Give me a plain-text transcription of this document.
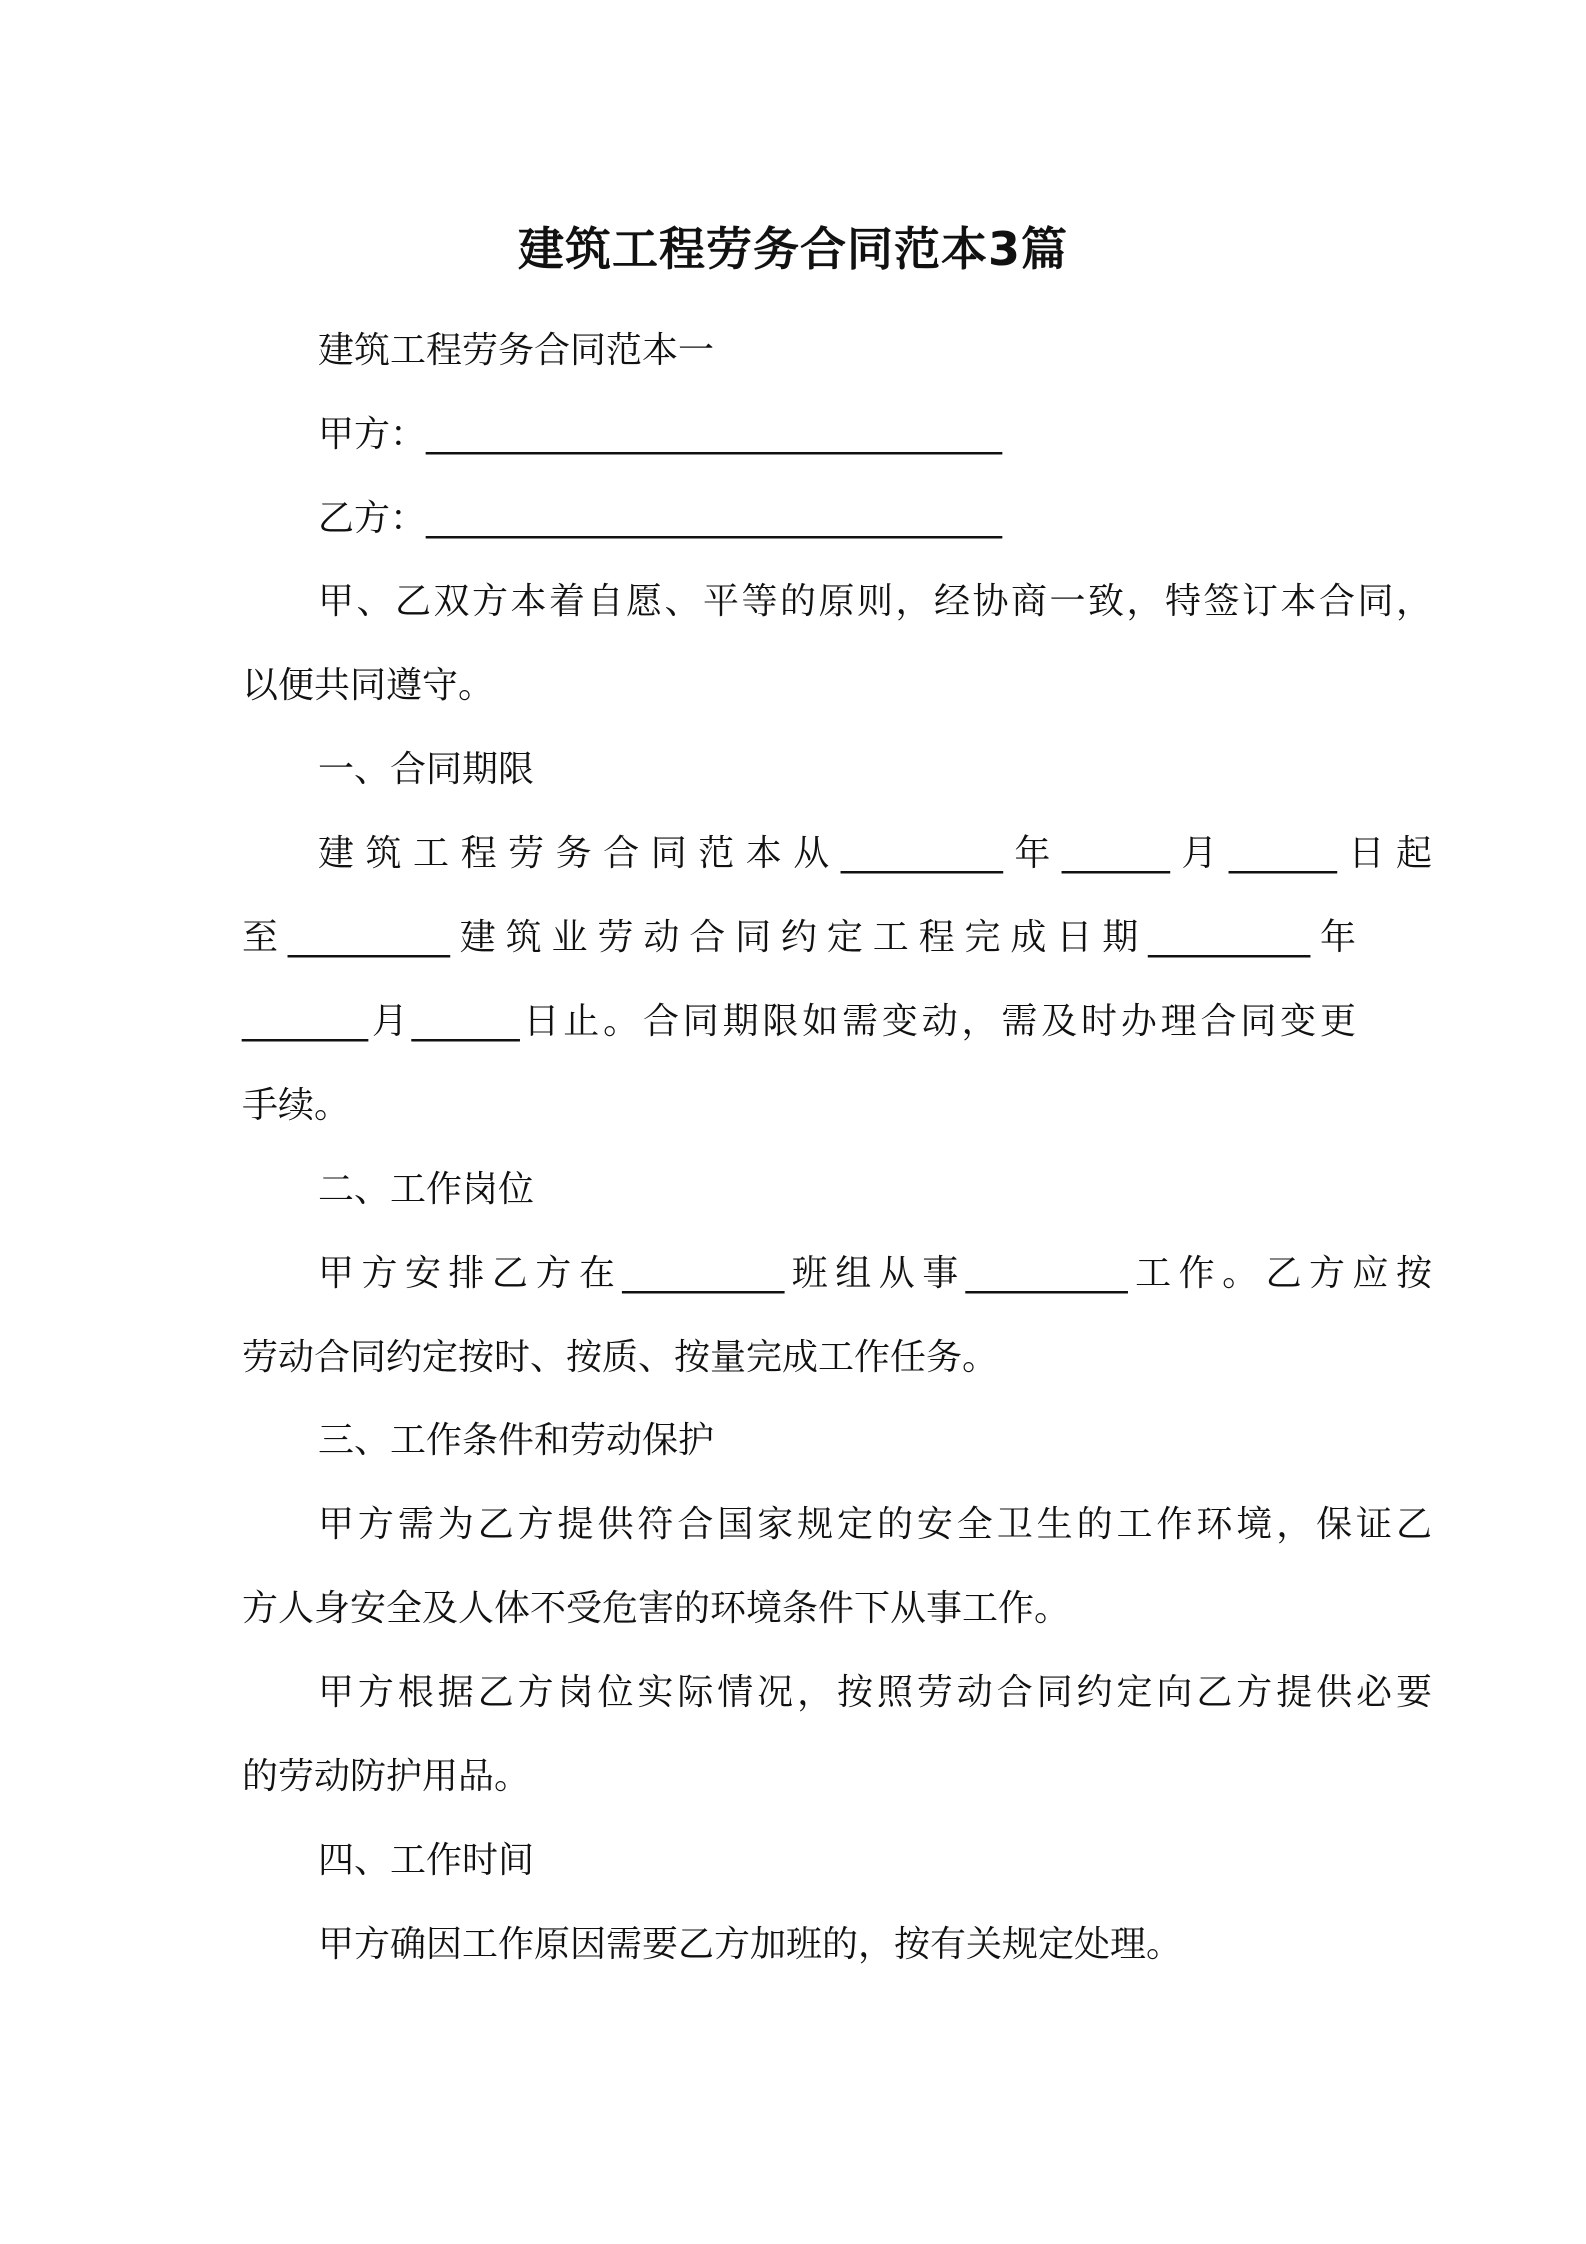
建筑工程劳务合同范本3篇
建筑工程劳务合同范本一
甲方：________________________________
乙方：________________________________
甲、乙双方本着自愿、平等的原则，经协商一致，特签订本合同，
以便共同遵守。
一、合同期限
建筑工程劳务合同范本从_________年______月______日起
至_________建筑业劳动合同约定工程完成日期_________年
_______月______日止。合同期限如需变动，需及时办理合同变更
手续。
二、工作岗位
甲方安排乙方在_________班组从事_________工作。乙方应按
劳动合同约定按时、按质、按量完成工作任务。
三、工作条件和劳动保护
甲方需为乙方提供符合国家规定的安全卫生的工作环境，保证乙
方人身安全及人体不受危害的环境条件下从事工作。
甲方根据乙方岗位实际情况，按照劳动合同约定向乙方提供必要
的劳动防护用品。
四、工作时间
甲方确因工作原因需要乙方加班的，按有关规定处理。
